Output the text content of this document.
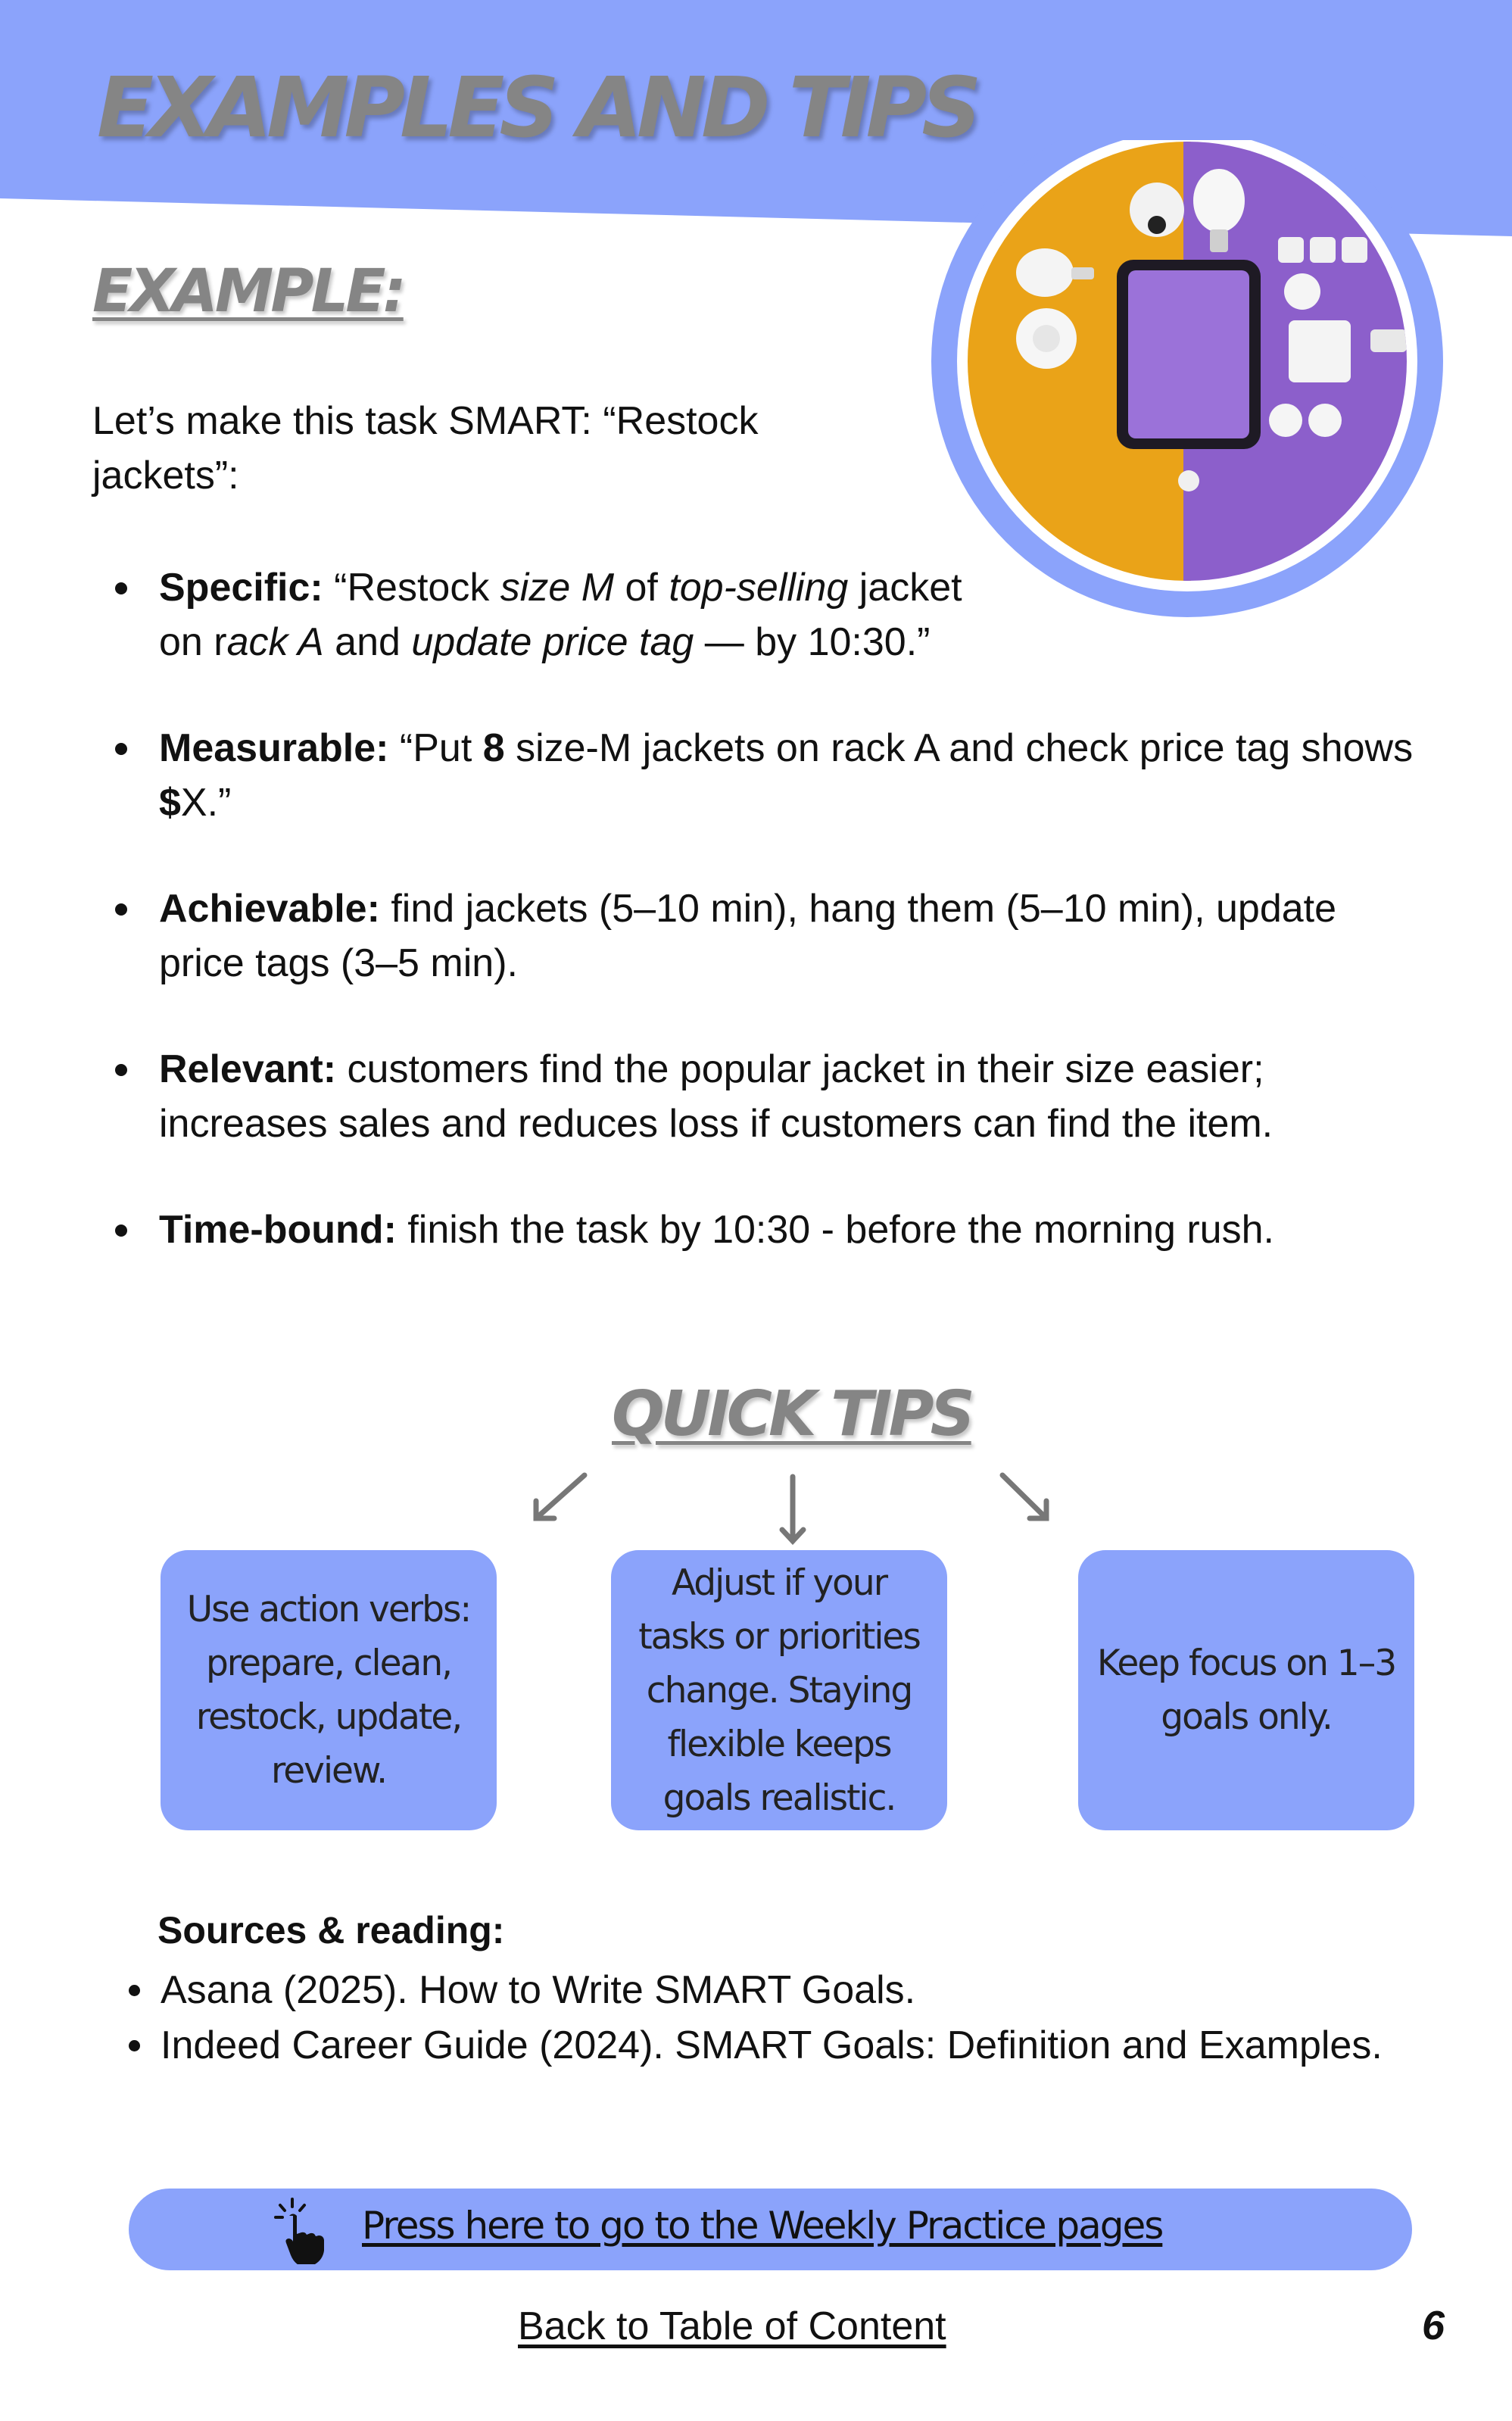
EXAMPLES AND TIPS
EXAMPLE:
Let’s make this task SMART: “Restock jackets”:
Specific: “Restock size M of top-selling jacket on rack A and update price tag — by 10:30.”
Measurable: “Put 8 size-M jackets on rack A and check price tag shows $X.”
Achievable: find jackets (5–10 min), hang them (5–10 min), update price tags (3–5 min).
Relevant: customers find the popular jacket in their size easier; increases sales and reduces loss if customers can find the item.
Time-bound: finish the task by 10:30 - before the morning rush.
QUICK TIPS
Use action verbs: prepare, clean, restock, update, review.
Adjust if your tasks or priorities change. Staying flexible keeps goals realistic.
Keep focus on 1–3 goals only.
Sources & reading:
Asana (2025). How to Write SMART Goals.
Indeed Career Guide (2024). SMART Goals: Definition and Examples.
Press here to go to the Weekly Practice pages
Back to Table of Content	6
